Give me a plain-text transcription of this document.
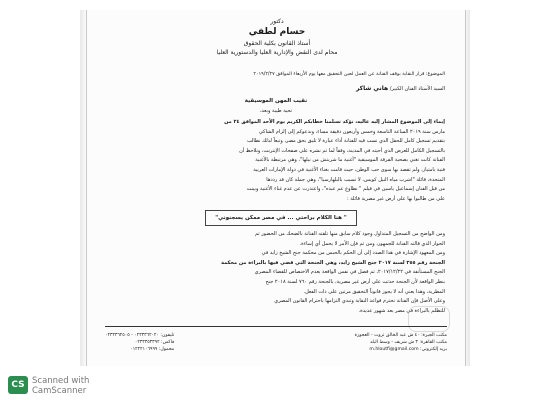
دكتور
حسام لطفي
أستاذ القانون بكلية الحقوق
محام لدى النقض والإدارية العليا والدستورية العليا
الموضوع: قرار النقابة بوقف الفنانة عن العمل لحين التحقيق معها يوم الأربعاء الموافق ٢٠١٩/٢/٢٧
السيد الأستاذ الفنان الكبير/ هاني شاكر
نقيب المهن الموسيقية
تحية طيبة وبعد،
إيماء إلى الموضوع المشار إليه عاليه، نؤكد تسلمنا خطابكم الكريم يوم الأحد الموافق ٢٤ من
مارس سنة ٢٠١٩ الساعة التاسعة وخمس وأربعون دقيقة مساء، وندعوكم إلى إلزام الشاكي
بتقديم تسجيل كامل للحفل الذي نسب فيه للفنانة أداء عبارة لا تليق بحق مصر، وتبعاً لذلك نطالب
بالتسجيل الكامل للعرض الذي أحيته في المدينة، وفقاً لما تم نشره على صفحات الإنترنت، ونلاحظ أن
الفنانة كانت تغني بصحبة الفرقة الموسيقية "أغنية ما شربتش من نيلها"، وهي مرتبطة بالأغنية
فنية بامتياز، ولم تقصد بها سوى حب الوطن، حيث قامت بغناء الأغنية في دولة الإمارات العربية
المتحدة، قائلة "اشرب مياه النيل كويس، لا تسبب بالبلهارسيا"، وهي جملة كان قد رددها
من قبل الفنان إسماعيل ياسين في فيلم " نطاوع عم عبده"، واعتذرت عن عدم غناء الأغنية وبينت
على من طالبوا بها على أرض غير مصرية قائلة :
" هنا الكلام براحتي ... في مصر ممكن يسجنوني"
ومن الواضح من التسجيل المتداول وجود كلام سابق منها تلقته الفنانة بالضحك من الحضور ثم
الحوار الذي قالته الفنانة للجمهور، ومن ثم فإن الأمر لا يحمل أي إساءة.
ومن المعهود الإشارة في هذا الصدد إلى أن الحكم بالحبس من محكمة جنح الشيخ زايد في
الجنحة رقم ٣٥٥ لسنة ٢٠١٧ جنح الشيخ زايد، وهي الجنحة التي قضي فيها بالبراءة من محكمة
الجنح المستأنفة في ٢٠١٧/١٢/٢٢، ثم فصل في نفس الواقعة بعدم الاختصاص للقضاء المصري
بنظر الواقعة لأن الجنحة حدثت على أرض غير مصرية، بالجنحة رقم ٧٦٠ لسنة ٢٠١٨ جنح
المطرية، وهذا يعني أنه لا يجوز قانوناً التحقيق مرتين على ذات الفعل.
وعلى الأصل فإن الفنانة تحترم قواعد النقابة وتبدي التزامها باحترام القانون المصري
للتظلم بالبراءة في مصر بعد شهور عديدة.
مكتب الجيزة: ٤٠ ش عبد الخالق ثروت - العجوزة
مكتب القاهرة: ٣ ش شريف - وسط البلد
بريد إلكتروني: m.hloutfi@gmail.com
تليفون: ٠٢٣٣٣٦٢٠٢٠ - ٠٢٣٣٣٦٢٥٠٥
فاكس: ٠٢٣٣٣٥٣٣٩٢
محمول: ٠١٢٢٢١٠٦٩٩٩
CS Scanned with
CamScanner
